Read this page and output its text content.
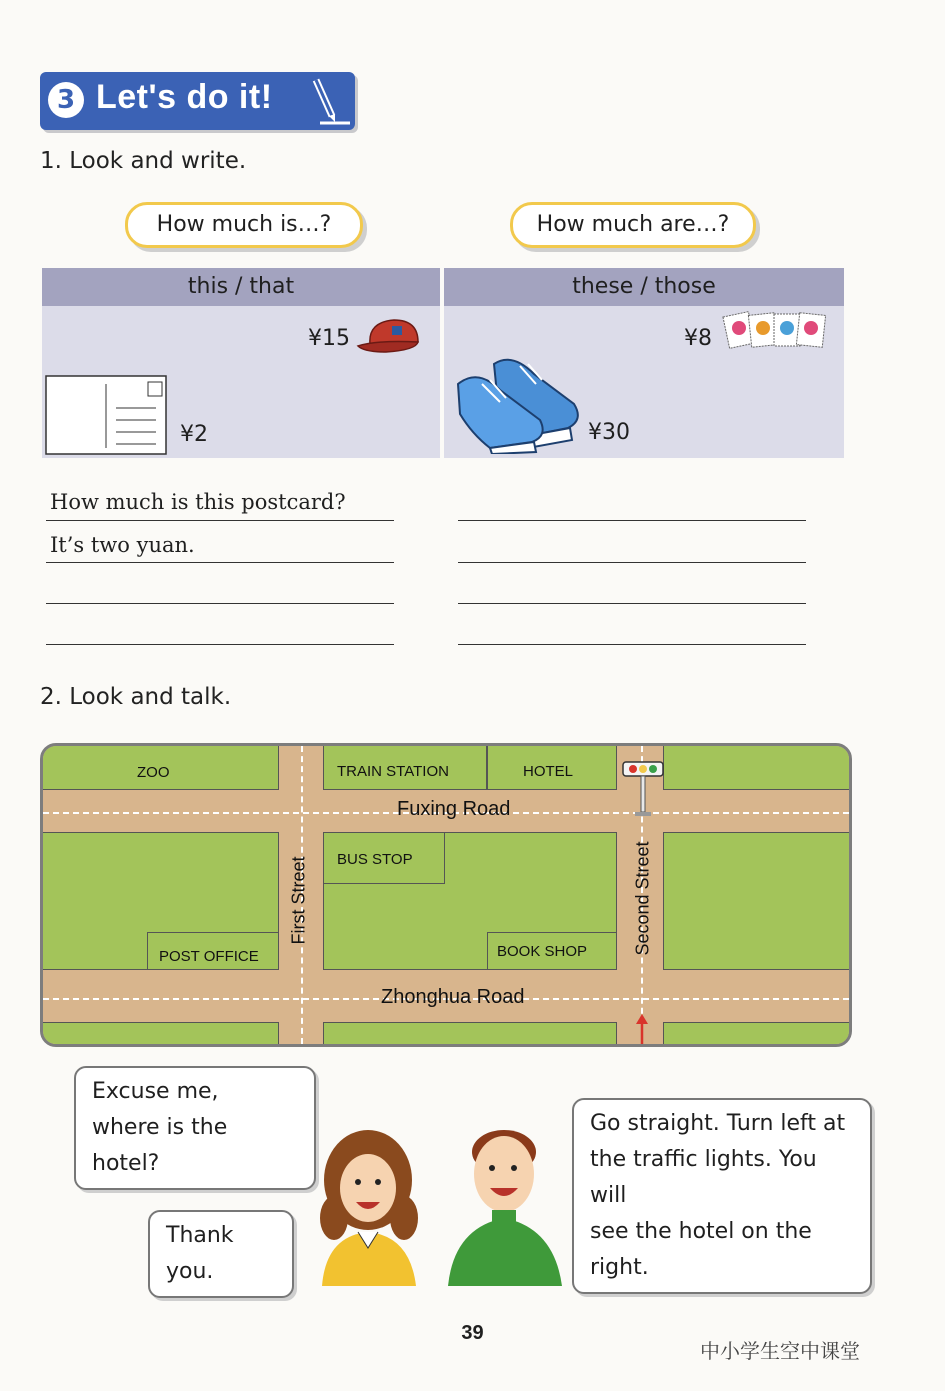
3 Let's do it!
1. Look and write.
How much is…?	How much are…?
this / that
¥15
¥2
these / those
¥30
¥8
How much is this postcard?
It’s two yuan.
2. Look and talk.
ZOO	TRAIN STATION	HOTEL
BUS STOP
POST OFFICE	BOOK SHOP
Fuxing Road
Zhonghua Road
First Street	Second Street
Excuse me,
where is the hotel?
Thank you.
Go straight. Turn left at
the traffic lights. You will
see the hotel on the right.
39
中小学生空中课堂
